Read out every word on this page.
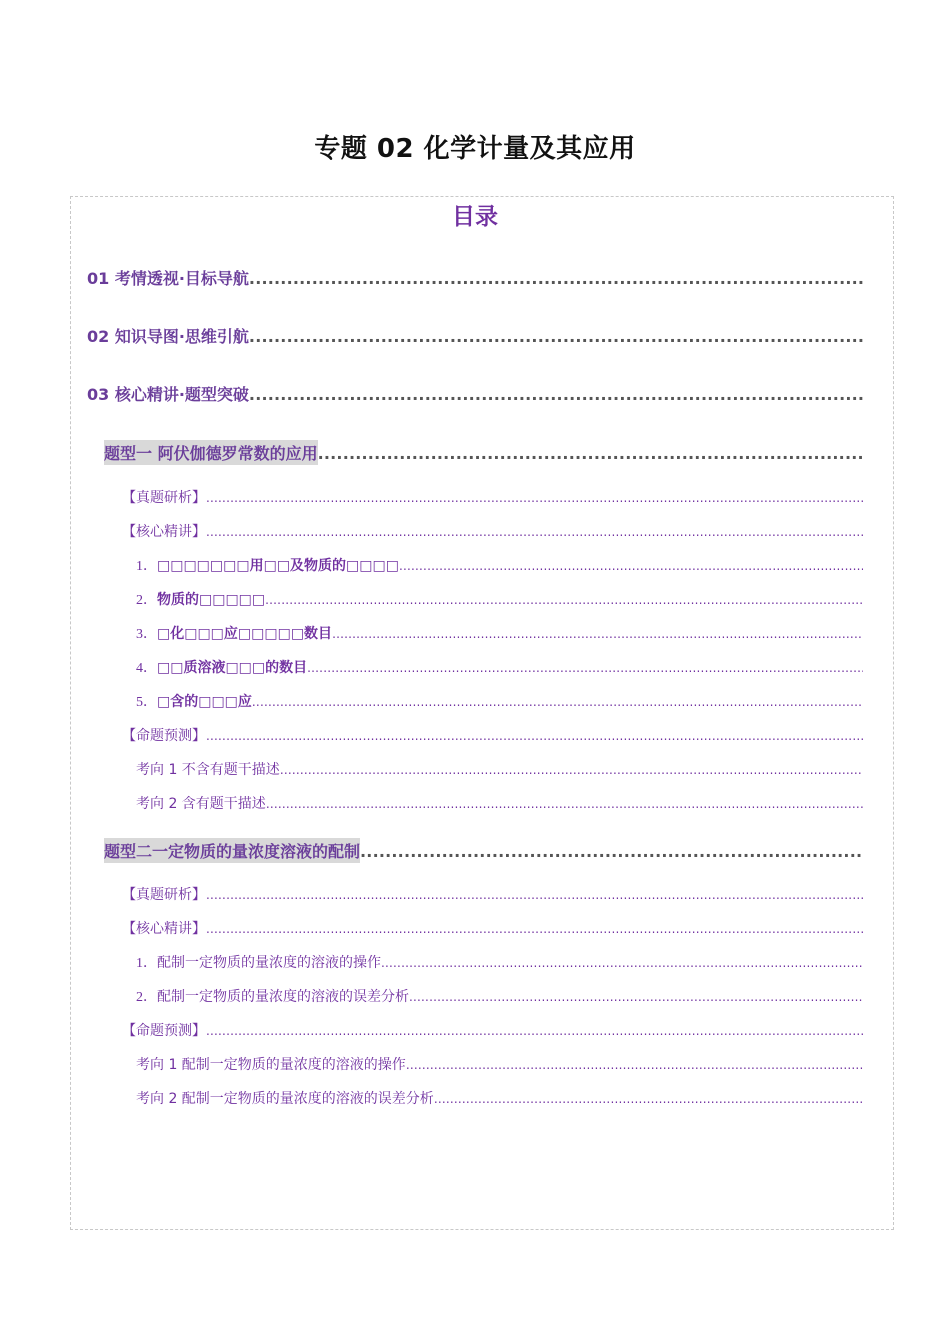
专题 02 化学计量及其应用
目录
01 考情透视·目标导航
.....
02 知识导图·思维引航
.....
03 核心精讲·题型突破
.....
题型一 阿伏伽德罗常数的应用
.....
【真题研析】
.....
【核心精讲】
.....
1．□□□□□□□用□□及物质的□□□□
.....
2．物质的□□□□□
.....
3．□化□□□应□□□□□数目
.....
4．□□质溶液□□□的数目
.....
5．□含的□□□应
.....
【命题预测】
.....
考向 1 不含有题干描述
.....
考向 2 含有题干描述
.....
题型二一定物质的量浓度溶液的配制
.....
【真题研析】
.....
【核心精讲】
.....
1．配制一定物质的量浓度的溶液的操作
.....
2．配制一定物质的量浓度的溶液的误差分析
.....
【命题预测】
.....
考向 1 配制一定物质的量浓度的溶液的操作
.....
考向 2 配制一定物质的量浓度的溶液的误差分析
.....
